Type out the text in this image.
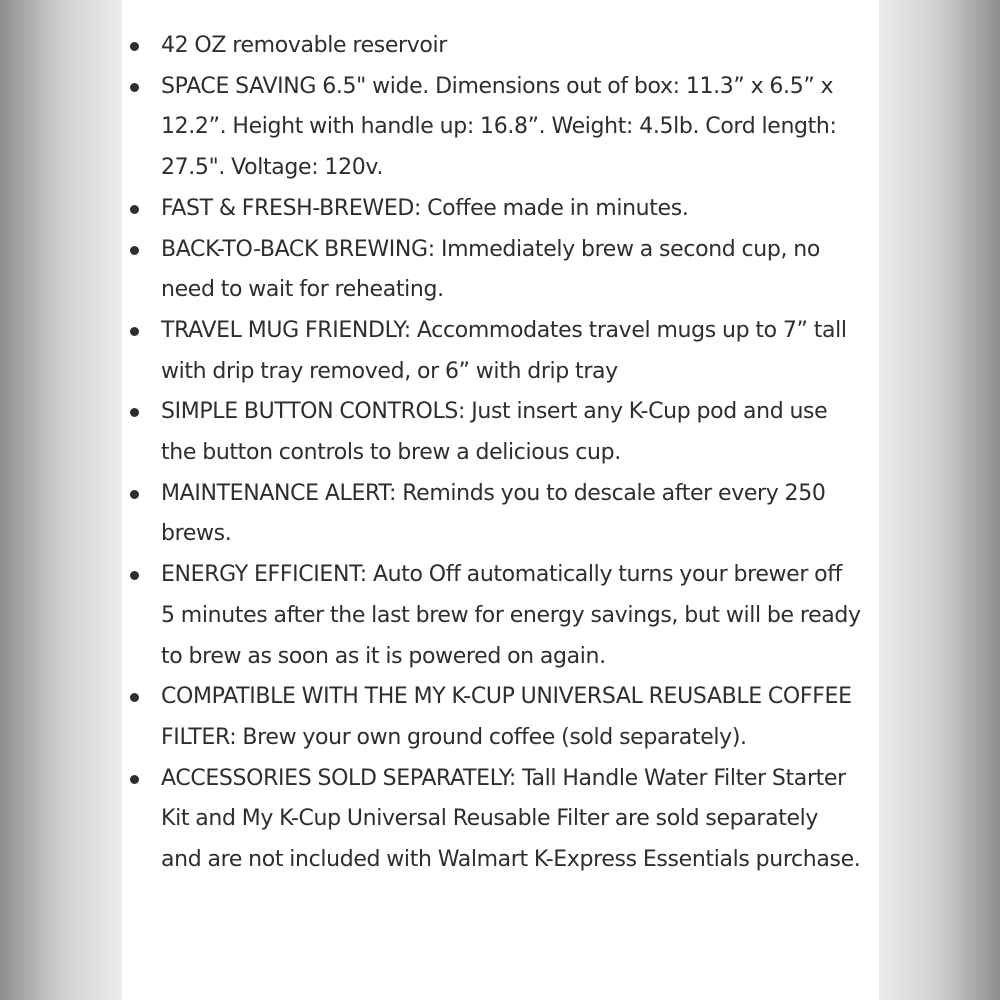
42 OZ removable reservoir
SPACE SAVING 6.5" wide. Dimensions out of box: 11.3” x 6.5” x 12.2”. Height with handle up: 16.8”. Weight: 4.5lb. Cord length: 27.5". Voltage: 120v.
FAST & FRESH-BREWED: Coffee made in minutes.
BACK-TO-BACK BREWING: Immediately brew a second cup, no need to wait for reheating.
TRAVEL MUG FRIENDLY: Accommodates travel mugs up to 7” tall with drip tray removed, or 6” with drip tray
SIMPLE BUTTON CONTROLS: Just insert any K-Cup pod and use the button controls to brew a delicious cup.
MAINTENANCE ALERT: Reminds you to descale after every 250 brews.
ENERGY EFFICIENT: Auto Off automatically turns your brewer off 5 minutes after the last brew for energy savings, but will be ready to brew as soon as it is powered on again.
COMPATIBLE WITH THE MY K-CUP UNIVERSAL REUSABLE COFFEE FILTER: Brew your own ground coffee (sold separately).
ACCESSORIES SOLD SEPARATELY: Tall Handle Water Filter Starter Kit and My K-Cup Universal Reusable Filter are sold separately and are not included with Walmart K-Express Essentials purchase.
